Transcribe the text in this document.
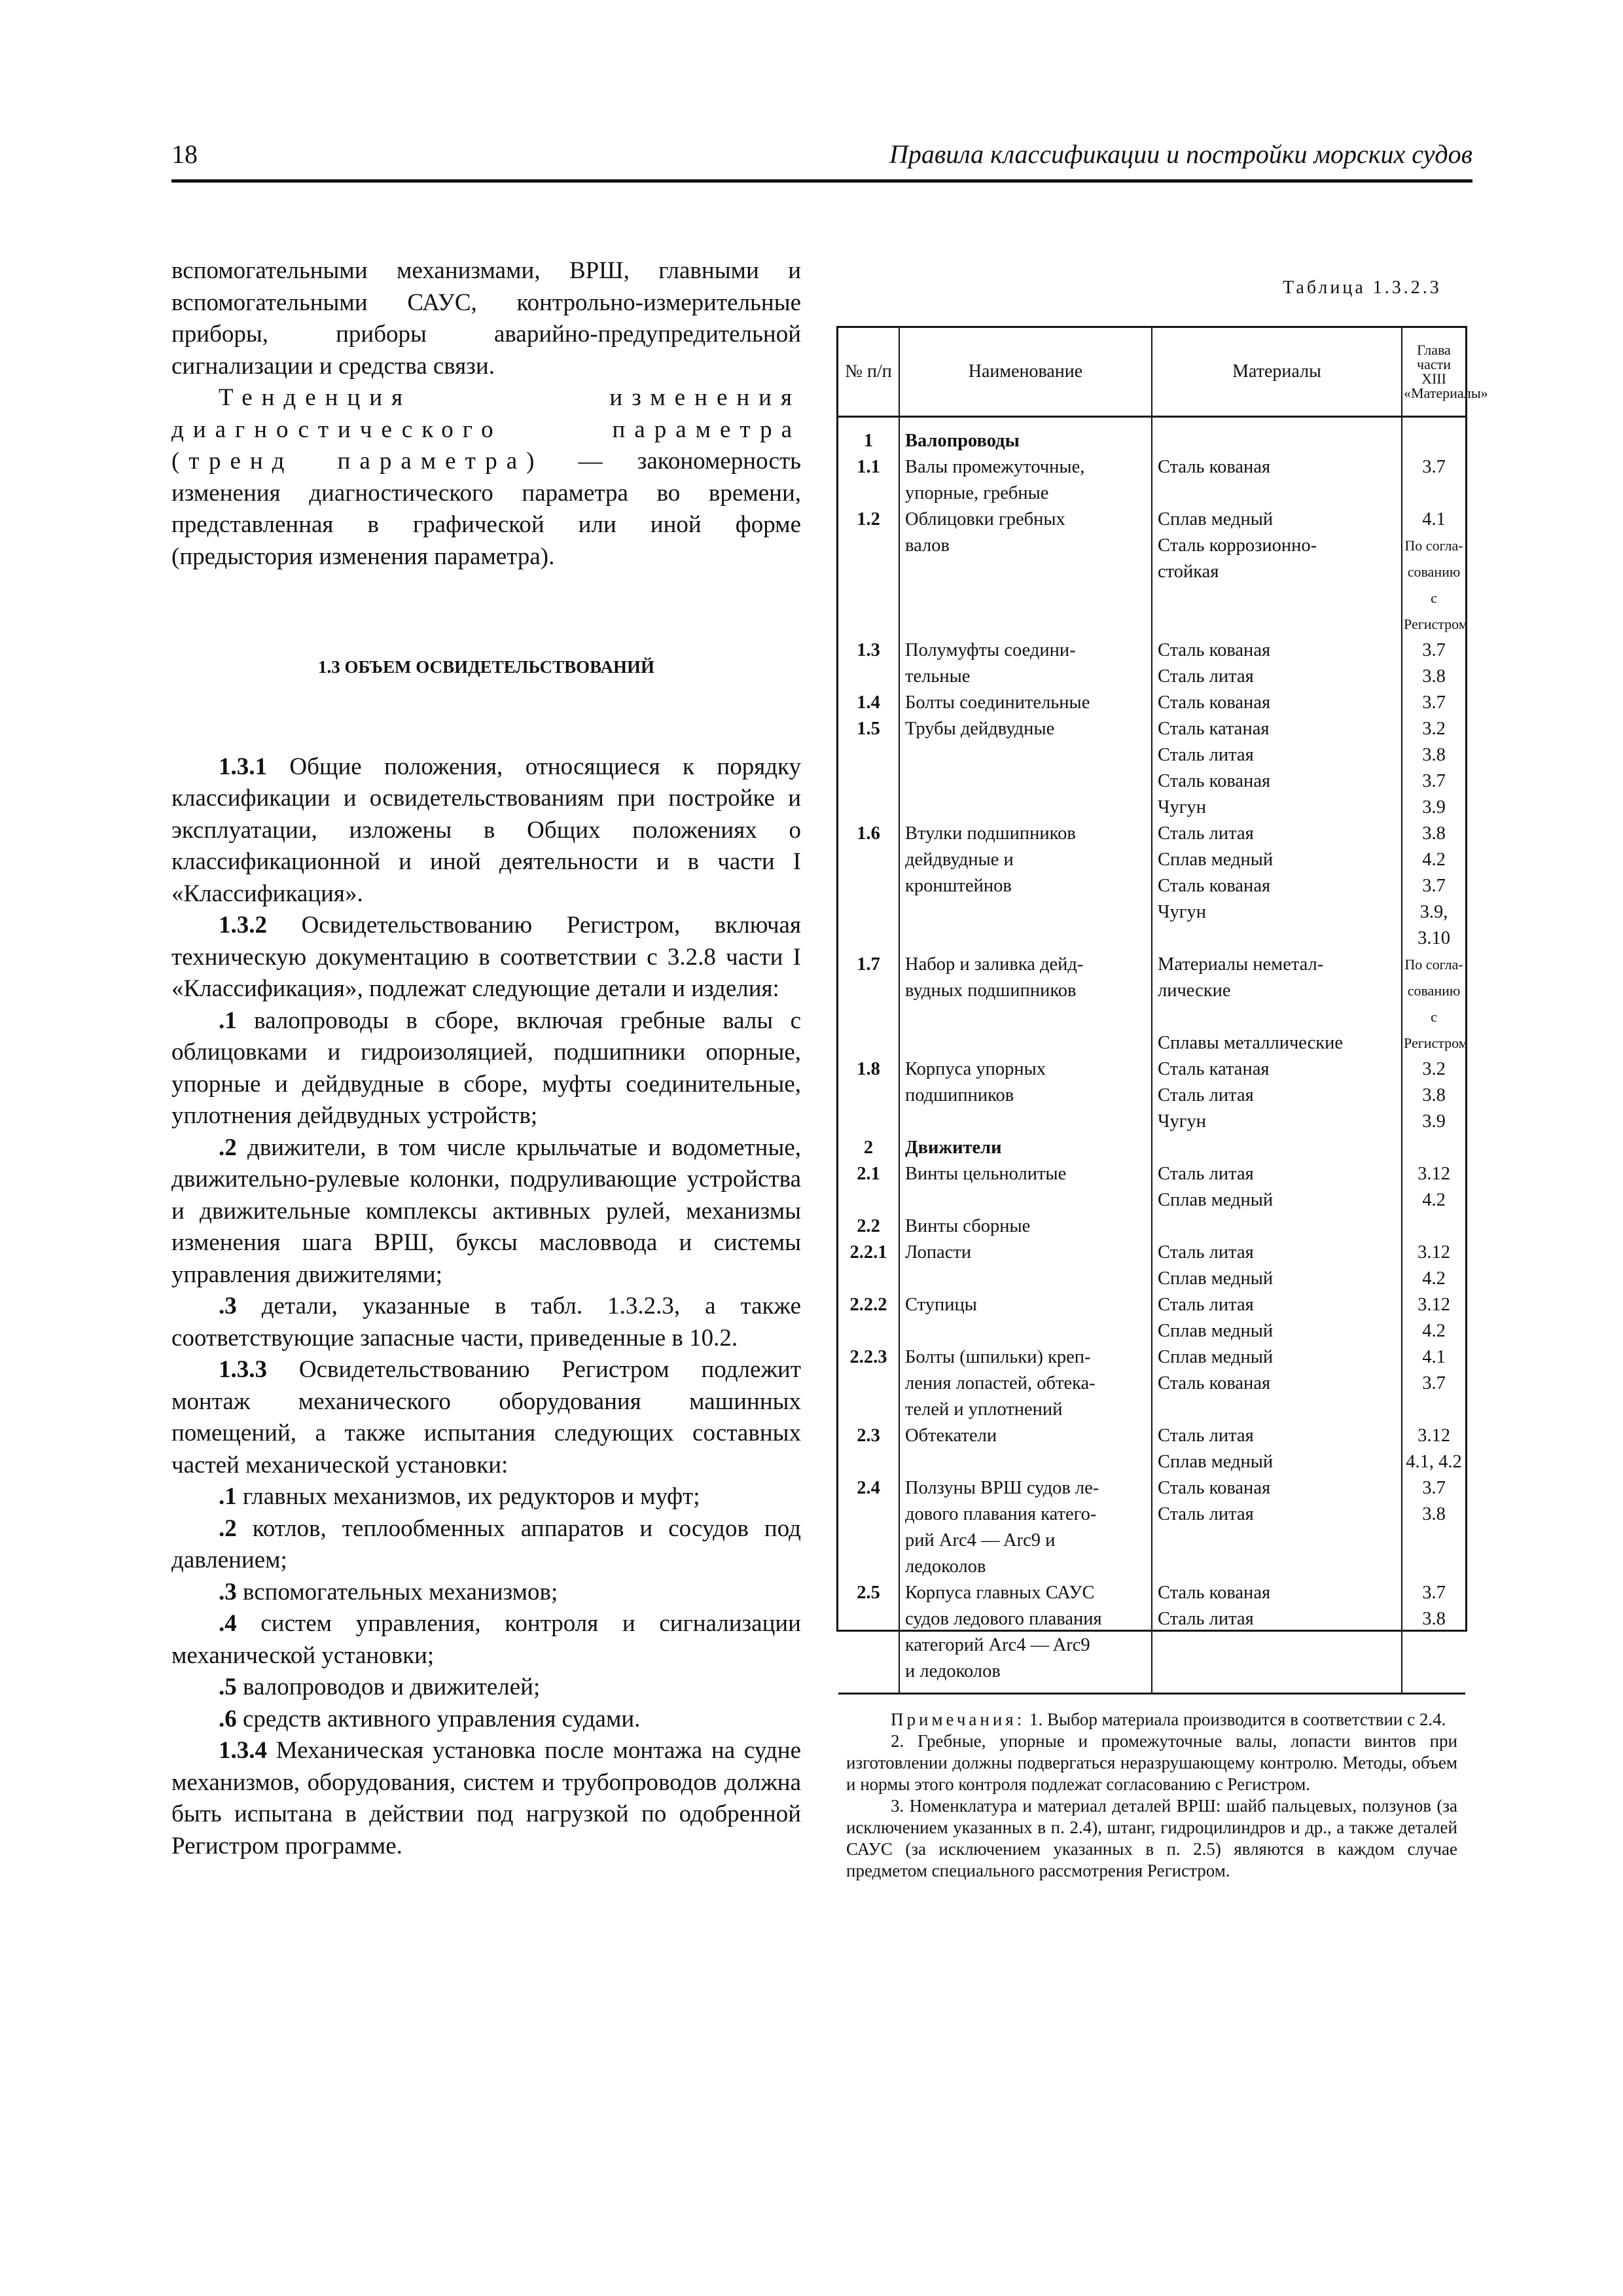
18	Правила классификации и постройки морских судов

вспомогательными механизмами, ВРШ, главными и вспомогательными САУС, контрольно-измерительные приборы, приборы аварийно-предупредительной сигнализации и средства связи.

Тенденция изменения диагностического параметра (тренд параметра) — закономерность изменения диагностического параметра во времени, представленная в графической или иной форме (предыстория изменения параметра).

1.3 ОБЪЕМ ОСВИДЕТЕЛЬСТВОВАНИЙ

1.3.1 Общие положения, относящиеся к порядку классификации и освидетельствованиям при постройке и эксплуатации, изложены в Общих положениях о классификационной и иной деятельности и в части I «Классификация».

1.3.2 Освидетельствованию Регистром, включая техническую документацию в соответствии с 3.2.8 части I «Классификация», подлежат следующие детали и изделия:

.1 валопроводы в сборе, включая гребные валы с облицовками и гидроизоляцией, подшипники опорные, упорные и дейдвудные в сборе, муфты соединительные, уплотнения дейдвудных устройств;

.2 движители, в том числе крыльчатые и водометные, движительно-рулевые колонки, подруливающие устройства и движительные комплексы активных рулей, механизмы изменения шага ВРШ, буксы масловвода и системы управления движителями;

.3 детали, указанные в табл. 1.3.2.3, а также соответствующие запасные части, приведенные в 10.2.

1.3.3 Освидетельствованию Регистром подлежит монтаж механического оборудования машинных помещений, а также испытания следующих составных частей механической установки:

.1 главных механизмов, их редукторов и муфт;

.2 котлов, теплообменных аппаратов и сосудов под давлением;

.3 вспомогательных механизмов;

.4 систем управления, контроля и сигнализации механической установки;

.5 валопроводов и движителей;

.6 средств активного управления судами.

1.3.4 Механическая установка после монтажа на судне механизмов, оборудования, систем и трубопроводов должна быть испытана в действии под нагрузкой по одобренной Регистром программе.

Таблица 1.3.2.3
№ п/п	Наименование	Материалы	Глава части XIII «Материалы»
1	Валопроводы		
1.1	Валы промежуточные,	Сталь кованая	3.7
	упорные, гребные		
1.2	Облицовки гребных	Сплав медный	4.1
	валов	Сталь коррозионно-	По согла-
		стойкая	сованию с
			Регистром
1.3	Полумуфты соедини-	Сталь кованая	3.7
	тельные	Сталь литая	3.8
1.4	Болты соединительные	Сталь кованая	3.7
1.5	Трубы дейдвудные	Сталь катаная	3.2
		Сталь литая	3.8
		Сталь кованая	3.7
		Чугун	3.9
1.6	Втулки подшипников	Сталь литая	3.8
	дейдвудные и	Сплав медный	4.2
	кронштейнов	Сталь кованая	3.7
		Чугун	3.9, 3.10
1.7	Набор и заливка дейд-	Материалы неметал-	По согла-
	вудных подшипников	лические	сованию с
		Сплавы металлические	Регистром
1.8	Корпуса упорных	Сталь катаная	3.2
	подшипников	Сталь литая	3.8
		Чугун	3.9
2	Движители		
2.1	Винты цельнолитые	Сталь литая	3.12
		Сплав медный	4.2
2.2	Винты сборные		
2.2.1	Лопасти	Сталь литая	3.12
		Сплав медный	4.2
2.2.2	Ступицы	Сталь литая	3.12
		Сплав медный	4.2
2.2.3	Болты (шпильки) креп-	Сплав медный	4.1
	ления лопастей, обтека-	Сталь кованая	3.7
	телей и уплотнений		
2.3	Обтекатели	Сталь литая	3.12
		Сплав медный	4.1, 4.2
2.4	Ползуны ВРШ судов ле-	Сталь кованая	3.7
	дового плавания катего-	Сталь литая	3.8
	рий Arc4 — Arc9 и		
	ледоколов		
2.5	Корпуса главных САУС	Сталь кованая	3.7
	судов ледового плавания	Сталь литая	3.8
	категорий Arc4 — Arc9		
	и ледоколов		

Примечания: 1. Выбор материала производится в соответствии с 2.4.

2. Гребные, упорные и промежуточные валы, лопасти винтов при изготовлении должны подвергаться неразрушающему контролю. Методы, объем и нормы этого контроля подлежат согласованию с Регистром.

3. Номенклатура и материал деталей ВРШ: шайб пальцевых, ползунов (за исключением указанных в п. 2.4), штанг, гидроцилиндров и др., а также деталей САУС (за исключением указанных в п. 2.5) являются в каждом случае предметом специального рассмотрения Регистром.
